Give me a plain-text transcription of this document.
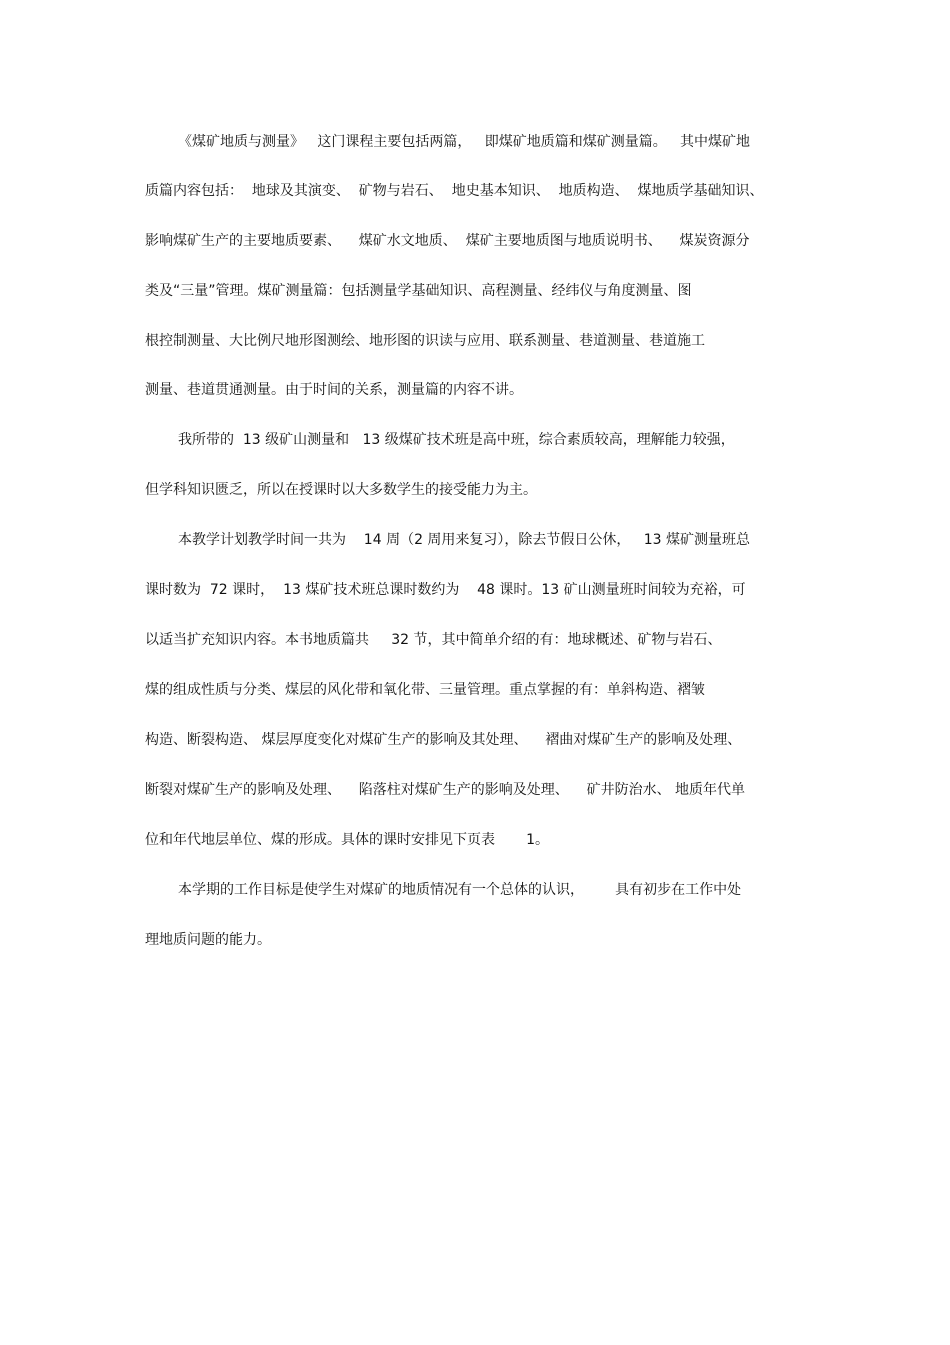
《煤矿地质与测量》   这门课程主要包括两篇，   即煤矿地质篇和煤矿测量篇。   其中煤矿地
质篇内容包括：  地球及其演变、  矿物与岩石、  地史基本知识、  地质构造、  煤地质学基础知识、
影响煤矿生产的主要地质要素、    煤矿水文地质、  煤矿主要地质图与地质说明书、    煤炭资源分
类及“三量”管理。煤矿测量篇：包括测量学基础知识、高程测量、经纬仪与角度测量、图
根控制测量、大比例尺地形图测绘、地形图的识读与应用、联系测量、巷道测量、巷道施工
测量、巷道贯通测量。由于时间的关系，测量篇的内容不讲。
我所带的  13 级矿山测量和   13 级煤矿技术班是高中班，综合素质较高，理解能力较强，
但学科知识匮乏，所以在授课时以大多数学生的接受能力为主。
本教学计划教学时间一共为    14 周（2 周用来复习），除去节假日公休，   13 煤矿测量班总
课时数为  72 课时，  13 煤矿技术班总课时数约为    48 课时。13 矿山测量班时间较为充裕，可
以适当扩充知识内容。本书地质篇共     32 节，其中简单介绍的有：地球概述、矿物与岩石、
煤的组成性质与分类、煤层的风化带和氧化带、三量管理。重点掌握的有：单斜构造、褶皱
构造、断裂构造、 煤层厚度变化对煤矿生产的影响及其处理、    褶曲对煤矿生产的影响及处理、
断裂对煤矿生产的影响及处理、    陷落柱对煤矿生产的影响及处理、    矿井防治水、 地质年代单
位和年代地层单位、煤的形成。具体的课时安排见下页表       1。
本学期的工作目标是使学生对煤矿的地质情况有一个总体的认识，       具有初步在工作中处
理地质问题的能力。
